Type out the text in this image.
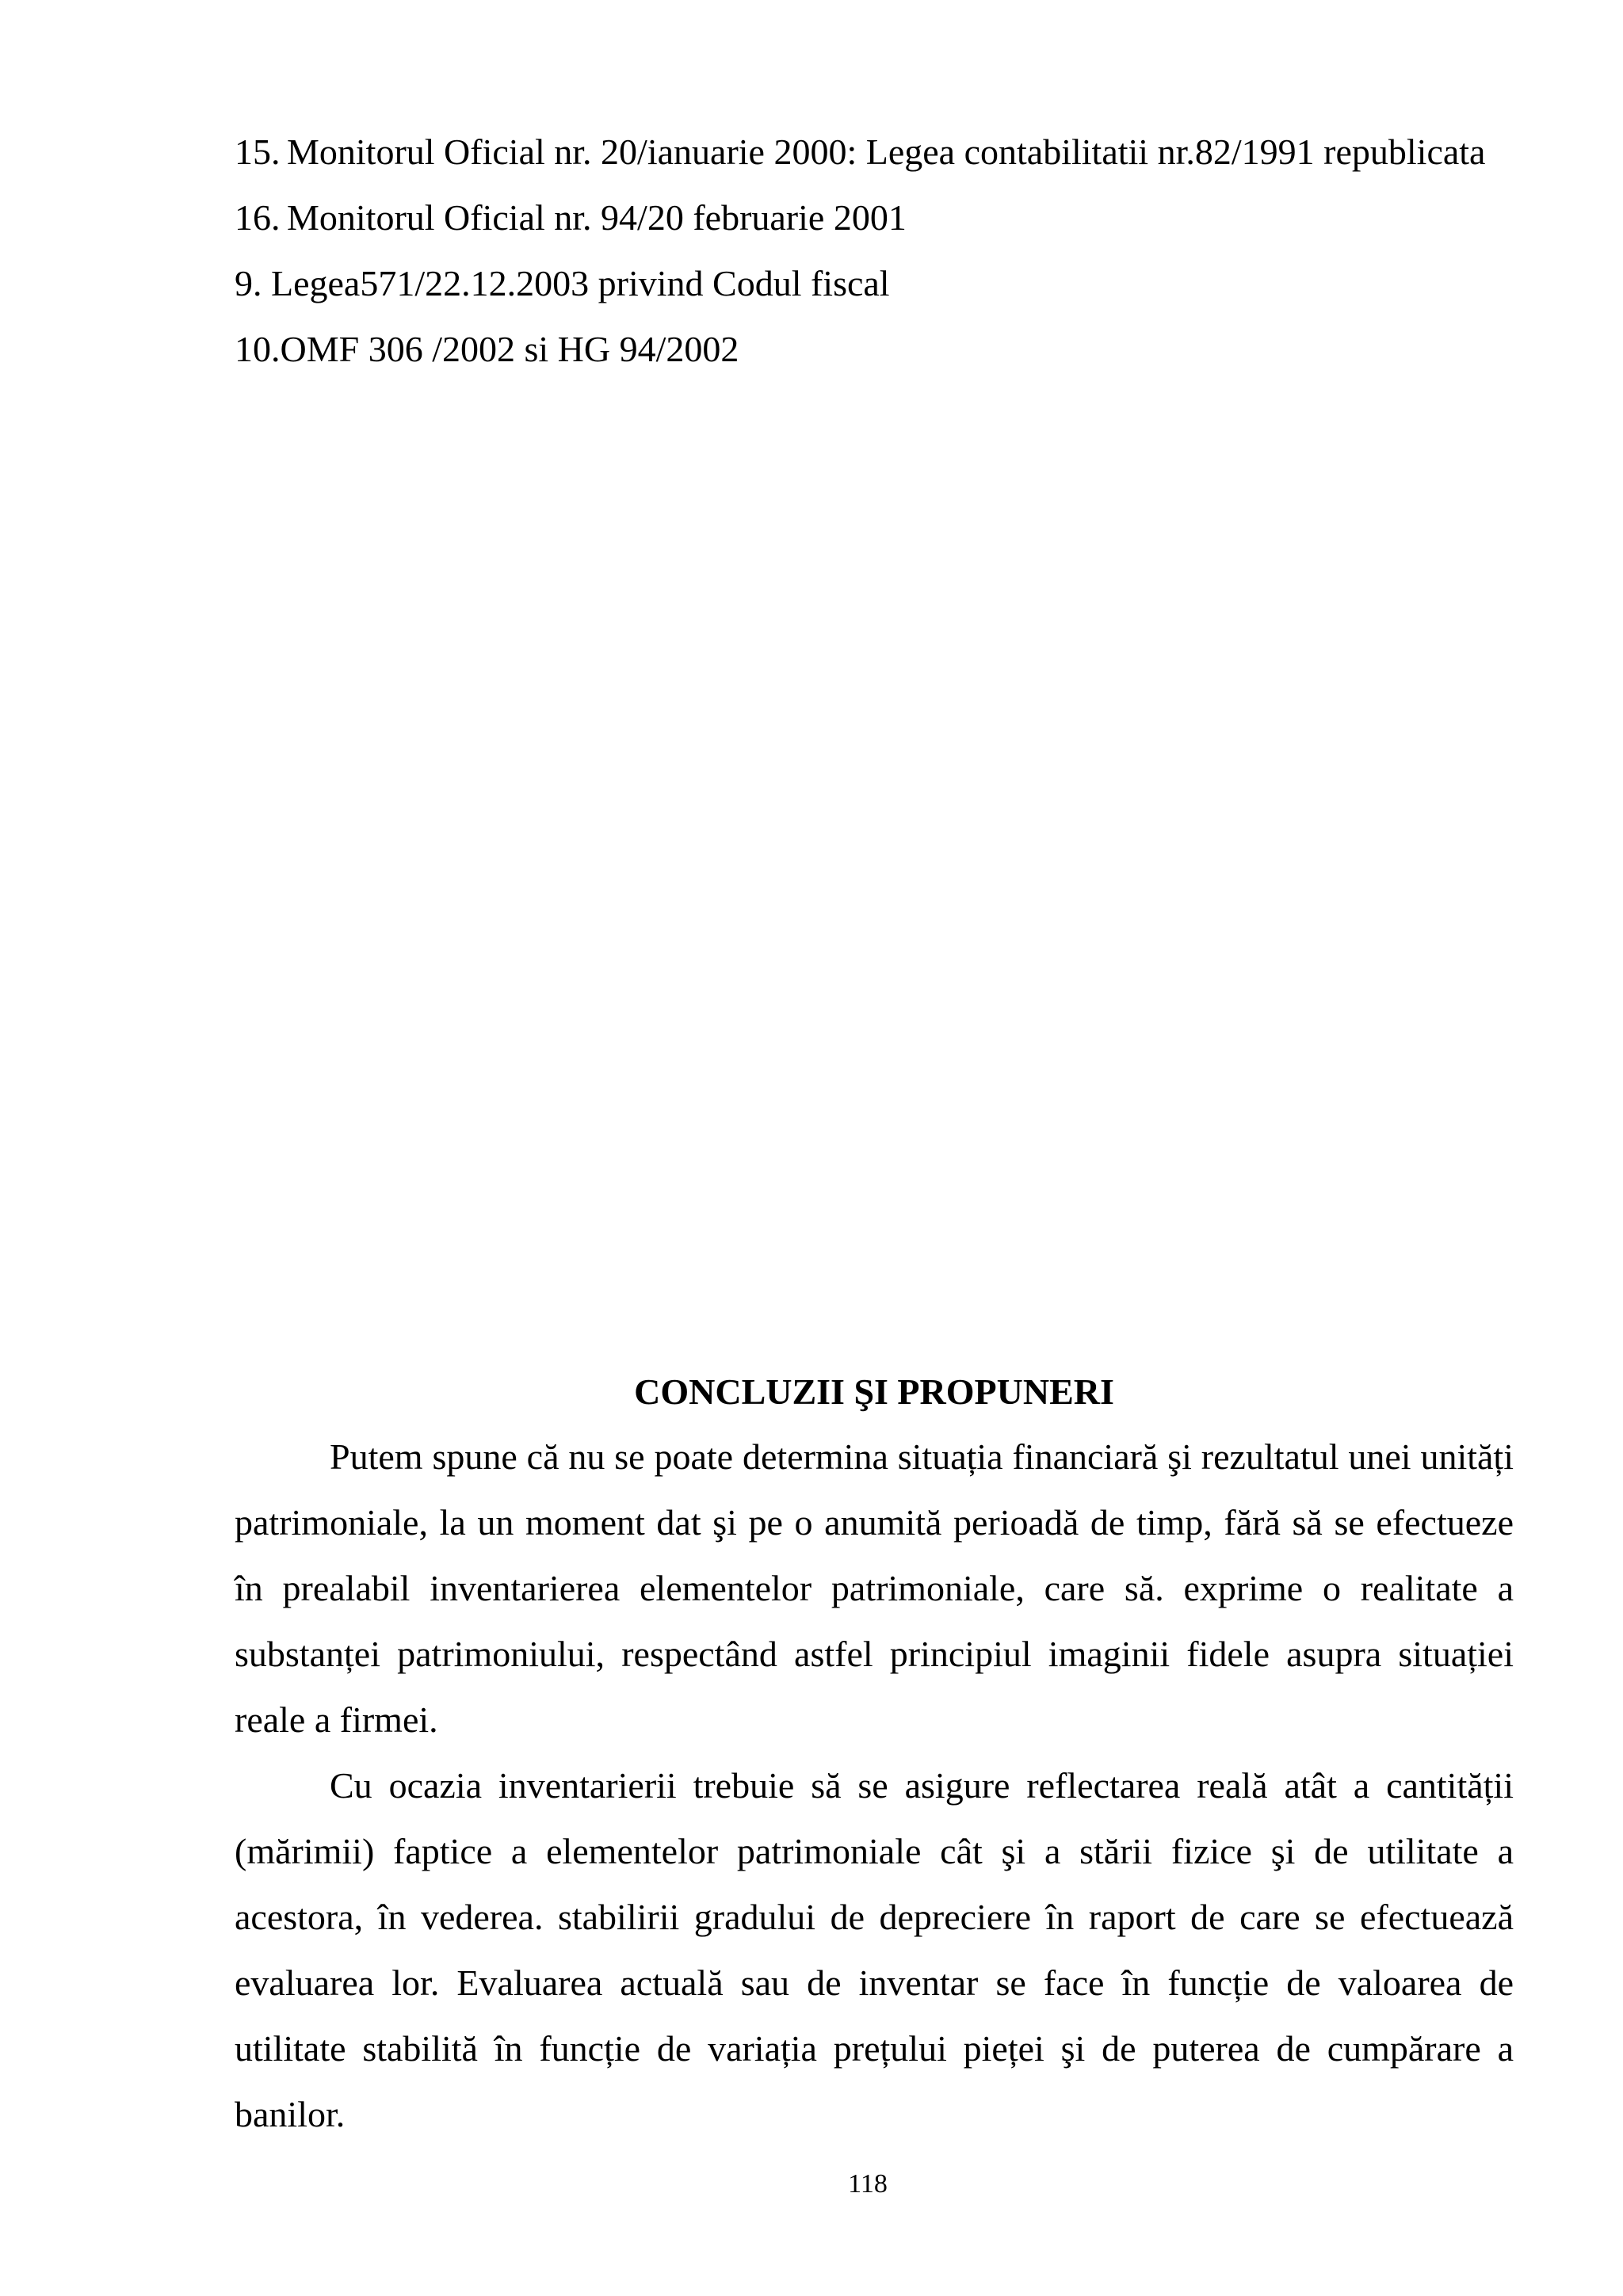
15. Monitorul Oficial nr. 20/ianuarie 2000: Legea contabilitatii nr.82/1991 republicata
16. Monitorul Oficial nr. 94/20 februarie 2001
9. Legea571/22.12.2003 privind Codul fiscal
10.OMF 306 /2002 si HG 94/2002
CONCLUZII ŞI PROPUNERI

Putem spune că nu se poate determina situația financiară şi rezultatul unei unități patrimoniale, la un moment dat şi pe o anumită perioadă de timp, fără să se efectueze în prealabil inventarierea elementelor patrimoniale, care să. exprime o realitate a substanței patrimoniului, respectând astfel principiul imaginii fidele asupra situației reale a firmei.

Cu ocazia inventarierii trebuie să se asigure reflectarea reală atât a cantității (mărimii) faptice a elementelor patrimoniale cât şi a stării fizice şi de utilitate a acestora, în vederea. stabilirii gradului de depreciere în raport de care se efectuează evaluarea lor. Evaluarea actuală sau de inventar se face în funcție de valoarea de utilitate stabilită în funcție de variația prețului pieței şi de puterea de cumpărare a banilor.

118
